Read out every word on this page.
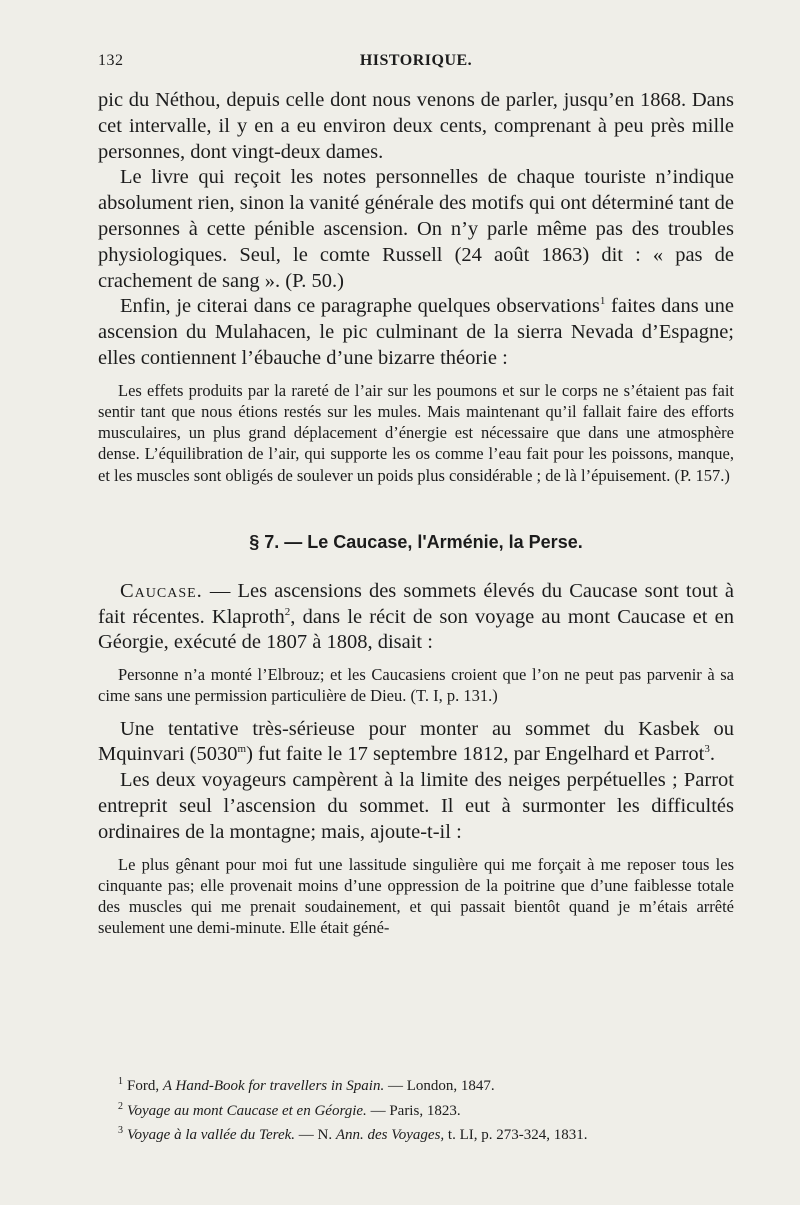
132	HISTORIQUE.

pic du Néthou, depuis celle dont nous venons de parler, jusqu’en 1868. Dans cet intervalle, il y en a eu environ deux cents, comprenant à peu près mille personnes, dont vingt-deux dames.

Le livre qui reçoit les notes personnelles de chaque touriste n’indique absolument rien, sinon la vanité générale des motifs qui ont déterminé tant de personnes à cette pénible ascension. On n’y parle même pas des troubles physiologiques. Seul, le comte Russell (24 août 1863) dit : « pas de crachement de sang ». (P. 50.)

Enfin, je citerai dans ce paragraphe quelques observations$^1$ faites dans une ascension du Mulahacen, le pic culminant de la sierra Nevada d’Espagne; elles contiennent l’ébauche d’une bizarre théorie :

Les effets produits par la rareté de l’air sur les poumons et sur le corps ne s’étaient pas fait sentir tant que nous étions restés sur les mules. Mais maintenant qu’il fallait faire des efforts musculaires, un plus grand déplacement d’énergie est nécessaire que dans une atmosphère dense. L’équilibration de l’air, qui supporte les os comme l’eau fait pour les poissons, manque, et les muscles sont obligés de soulever un poids plus considérable ; de là l’épuisement. (P. 157.)

§ 7. — Le Caucase, l'Arménie, la Perse.

Caucase. — Les ascensions des sommets élevés du Caucase sont tout à fait récentes. Klaproth$^2$, dans le récit de son voyage au mont Caucase et en Géorgie, exécuté de 1807 à 1808, disait :

Personne n’a monté l’Elbrouz; et les Caucasiens croient que l’on ne peut pas parvenir à sa cime sans une permission particulière de Dieu. (T. I, p. 131.)

Une tentative très-sérieuse pour monter au sommet du Kasbek ou Mquinvari (5030$^m$) fut faite le 17 septembre 1812, par Engelhard et Parrot$^3$.

Les deux voyageurs campèrent à la limite des neiges perpétuelles ; Parrot entreprit seul l’ascension du sommet. Il eut à surmonter les difficultés ordinaires de la montagne; mais, ajoute-t-il :

Le plus gênant pour moi fut une lassitude singulière qui me forçait à me reposer tous les cinquante pas; elle provenait moins d’une oppression de la poitrine que d’une faiblesse totale des muscles qui me prenait soudainement, et qui passait bientôt quand je m’étais arrêté seulement une demi-minute. Elle était géné-

$^1$ Ford, A Hand-Book for travellers in Spain. — London, 1847.
$^2$ Voyage au mont Caucase et en Géorgie. — Paris, 1823.
$^3$ Voyage à la vallée du Terek. — N. Ann. des Voyages, t. LI, p. 273-324, 1831.
